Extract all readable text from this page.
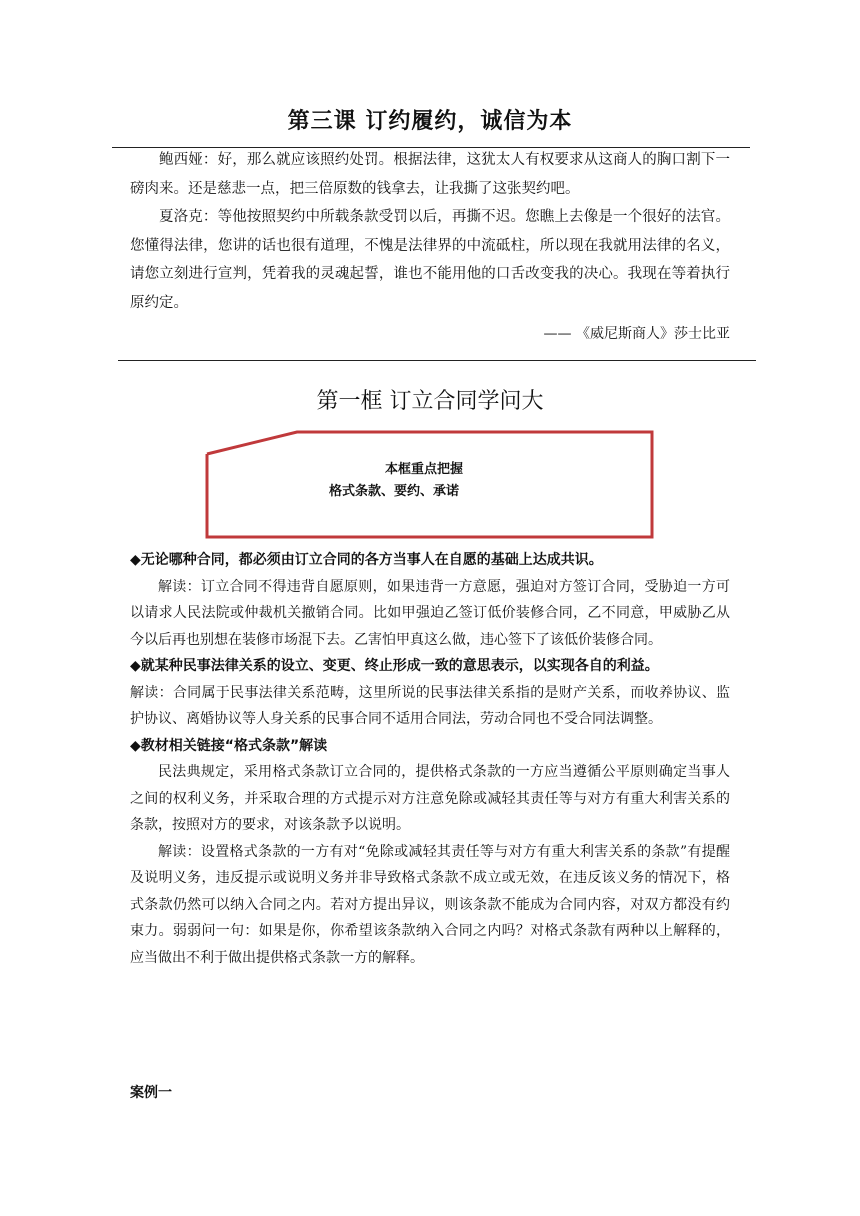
第三课 订约履约，诚信为本

鲍西娅：好，那么就应该照约处罚。根据法律，这犹太人有权要求从这商人的胸口割下一磅肉来。还是慈悲一点，把三倍原数的钱拿去，让我撕了这张契约吧。

夏洛克：等他按照契约中所载条款受罚以后，再撕不迟。您瞧上去像是一个很好的法官。您懂得法律，您讲的话也很有道理，不愧是法律界的中流砥柱，所以现在我就用法律的名义，请您立刻进行宣判，凭着我的灵魂起誓，谁也不能用他的口舌改变我的决心。我现在等着执行原约定。

—— 《威尼斯商人》莎士比亚
第一框 订立合同学问大
本框重点把握
格式条款、要约、承诺

◆无论哪种合同，都必须由订立合同的各方当事人在自愿的基础上达成共识。

解读：订立合同不得违背自愿原则，如果违背一方意愿，强迫对方签订合同，受胁迫一方可以请求人民法院或仲裁机关撤销合同。比如甲强迫乙签订低价装修合同，乙不同意，甲威胁乙从今以后再也别想在装修市场混下去。乙害怕甲真这么做，违心签下了该低价装修合同。

◆就某种民事法律关系的设立、变更、终止形成一致的意思表示，以实现各自的利益。

解读：合同属于民事法律关系范畴，这里所说的民事法律关系指的是财产关系，而收养协议、监护协议、离婚协议等人身关系的民事合同不适用合同法，劳动合同也不受合同法调整。

◆教材相关链接“格式条款”解读

民法典规定，采用格式条款订立合同的，提供格式条款的一方应当遵循公平原则确定当事人之间的权利义务，并采取合理的方式提示对方注意免除或减轻其责任等与对方有重大利害关系的条款，按照对方的要求，对该条款予以说明。

解读：设置格式条款的一方有对“免除或减轻其责任等与对方有重大利害关系的条款”有提醒及说明义务，违反提示或说明义务并非导致格式条款不成立或无效，在违反该义务的情况下，格式条款仍然可以纳入合同之内。若对方提出异议，则该条款不能成为合同内容，对双方都没有约束力。弱弱问一句：如果是你，你希望该条款纳入合同之内吗？对格式条款有两种以上解释的，应当做出不利于做出提供格式条款一方的解释。

案例一
